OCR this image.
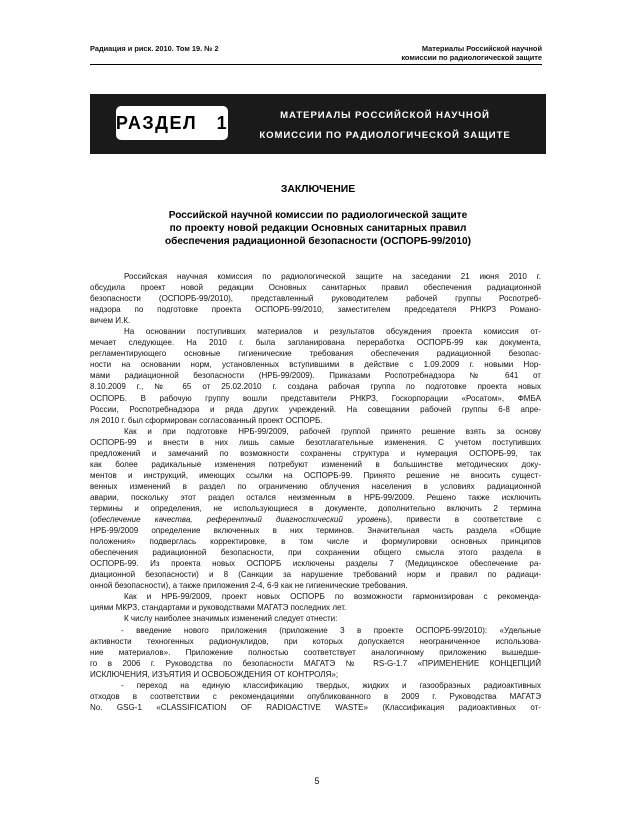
Радиация и риск. 2010. Том 19. № 2	Материалы Российской научной
комиссии по радиологической защите
РАЗДЕЛ   1	МАТЕРИАЛЫ РОССИЙСКОЙ НАУЧНОЙ
КОМИССИИ ПО РАДИОЛОГИЧЕСКОЙ ЗАЩИТЕ
ЗАКЛЮЧЕНИЕ
Российской научной комиссии по радиологической защите
по проекту новой редакции Основных санитарных правил
обеспечения радиационной безопасности (ОСПОРБ-99/2010)
Российская научная комиссия по радиологической защите на заседании 21 июня 2010 г.
обсудила проект новой редакции Основных санитарных правил обеспечения радиационной
безопасности (ОСПОРБ-99/2010), представленный руководителем рабочей группы Роспотреб-
надзора по подготовке проекта ОСПОРБ-99/2010, заместителем председателя РНКРЗ Романо-
вичем И.К.
На основании поступивших материалов и результатов обсуждения проекта комиссия от-
мечает следующее. На 2010 г. была запланирована переработка ОСПОРБ-99 как документа,
регламентирующего основные гигиенические требования обеспечения радиационной безопас-
ности на основании норм, установленных вступившими в действие с 1.09.2009 г. новыми Нор-
мами радиационной безопасности (НРБ-99/2009). Приказами Роспотребнадзора № 641 от
8.10.2009 г., № 65 от 25.02.2010 г. создана рабочая группа по подготовке проекта новых
ОСПОРБ. В рабочую группу вошли представители РНКРЗ, Госкорпорации «Росатом», ФМБА
России, Роспотребнадзора и ряда других учреждений. На совещании рабочей группы 6-8 апре-
ля 2010 г. был сформирован согласованный проект ОСПОРБ.
Как и при подготовке НРБ-99/2009, рабочей группой принято решение взять за основу
ОСПОРБ-99 и внести в них лишь самые безотлагательные изменения. С учетом поступивших
предложений и замечаний по возможности сохранены структура и нумерация ОСПОРБ-99, так
как более радикальные изменения потребуют изменений в большинстве методических доку-
ментов и инструкций, имеющих ссылки на ОСПОРБ-99. Принято решение не вносить сущест-
венных изменений в раздел по ограничению облучения населения в условиях радиационной
аварии, поскольку этот раздел остался неизменным в НРБ-99/2009. Решено также исключить
термины и определения, не использующиеся в документе, дополнительно включить 2 термина
(обеспечение качества, референтный диагностический уровень), привести в соответствие с
НРБ-99/2009 определение включенных в них терминов. Значительная часть раздела «Общие
положения» подверглась корректировке, в том числе и формулировки основных принципов
обеспечения радиационной безопасности, при сохранении общего смысла этого раздела в
ОСПОРБ-99. Из проекта новых ОСПОРБ исключены разделы 7 (Медицинское обеспечение ра-
диационной безопасности) и 8 (Санкции за нарушение требований норм и правил по радиаци-
онной безопасности), а также приложения 2-4, 6-9 как не гигиенические требования.
Как и НРБ-99/2009, проект новых ОСПОРБ по возможности гармонизирован с рекоменда-
циями МКРЗ, стандартами и руководствами МАГАТЭ последних лет.
К числу наиболее значимых изменений следует отнести:
- введение нового приложения (приложение 3 в проекте ОСПОРБ-99/2010): «Удельные
активности техногенных радионуклидов, при которых допускается неограниченное использова-
ние материалов». Приложение полностью соответствует аналогичному приложению вышедше-
го в 2006 г. Руководства по безопасности МАГАТЭ № RS-G-1.7 «ПРИМЕНЕНИЕ КОНЦЕПЦИЙ
ИСКЛЮЧЕНИЯ, ИЗЪЯТИЯ И ОСВОБОЖДЕНИЯ ОТ КОНТРОЛЯ»;
- переход на единую классификацию твердых, жидких и газообразных радиоактивных
отходов в соответствии с рекомендациями опубликованного в 2009 г. Руководства МАГАТЭ
No. GSG-1 «CLASSIFICATION OF RADIOACTIVE WASTE» (Классификация радиоактивных от-
5
